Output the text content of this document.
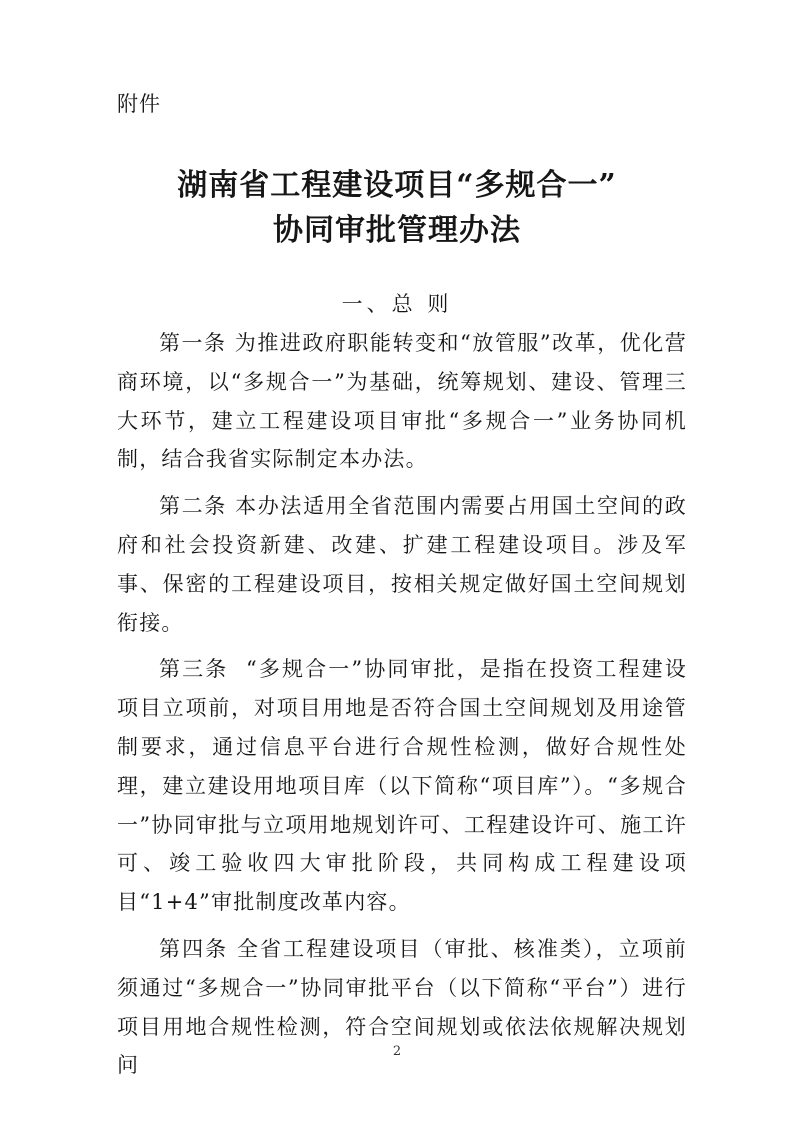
附件
湖南省工程建设项目“多规合一”
协同审批管理办法
一、总 则

第一条 为推进政府职能转变和“放管服”改革，优化营商环境，以“多规合一”为基础，统筹规划、建设、管理三大环节，建立工程建设项目审批“多规合一”业务协同机制，结合我省实际制定本办法。

第二条 本办法适用全省范围内需要占用国土空间的政府和社会投资新建、改建、扩建工程建设项目。涉及军事、保密的工程建设项目，按相关规定做好国土空间规划衔接。

第三条 “多规合一”协同审批，是指在投资工程建设项目立项前，对项目用地是否符合国土空间规划及用途管制要求，通过信息平台进行合规性检测，做好合规性处理，建立建设用地项目库（以下简称“项目库”）。“多规合一”协同审批与立项用地规划许可、工程建设许可、施工许可、竣工验收四大审批阶段，共同构成工程建设项目“1+4”审批制度改革内容。

第四条 全省工程建设项目（审批、核准类），立项前须通过“多规合一”协同审批平台（以下简称“平台”）进行项目用地合规性检测，符合空间规划或依法依规解决规划问

2
